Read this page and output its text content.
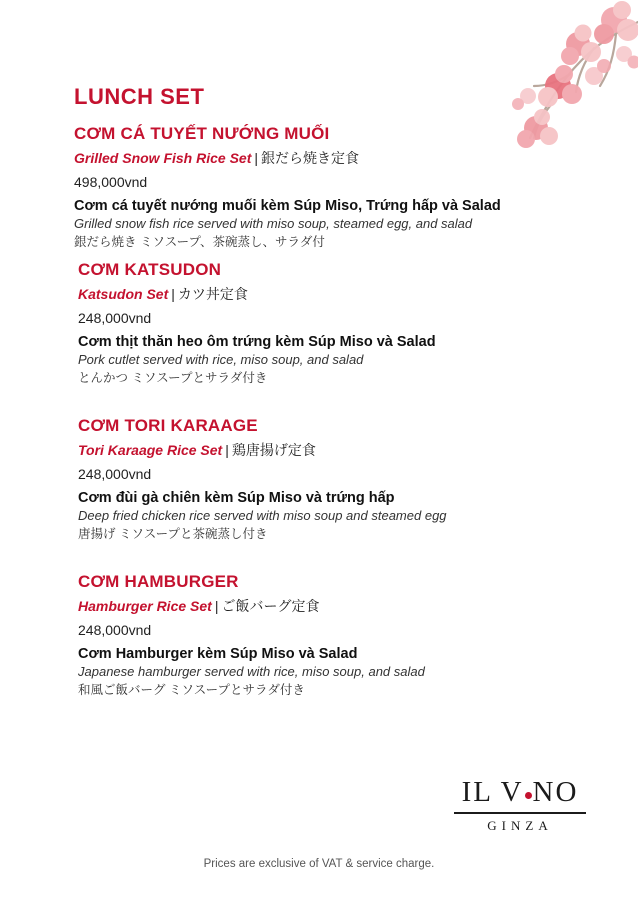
LUNCH SET
CƠM CÁ TUYẾT NƯỚNG MUỐI
Grilled Snow Fish Rice Set | 銀だら焼き定食
498,000vnd
Cơm cá tuyết nướng muối kèm Súp Miso, Trứng hấp và Salad
Grilled snow fish rice served with miso soup, steamed egg, and salad
銀だら焼き ミソスープ、茶碗蒸し、サラダ付
CƠM KATSUDON
Katsudon Set | カツ丼定食
248,000vnd
Cơm thịt thăn heo ôm trứng kèm Súp Miso và Salad
Pork cutlet served with rice, miso soup, and salad
とんかつ ミソスープとサラダ付き
CƠM TORI KARAAGE
Tori Karaage Rice Set | 鶏唐揚げ定食
248,000vnd
Cơm đùi gà chiên kèm Súp Miso và trứng hấp
Deep fried chicken rice served with miso soup and steamed egg
唐揚げ ミソスープと茶碗蒸し付き
CƠM HAMBURGER
Hamburger Rice Set | ご飯バーグ定食
248,000vnd
Cơm Hamburger kèm Súp Miso và Salad
Japanese hamburger served with rice, miso soup, and salad
和風ご飯バーグ ミソスープとサラダ付き
IL V NO
GINZA
Prices are exclusive of VAT & service charge.
